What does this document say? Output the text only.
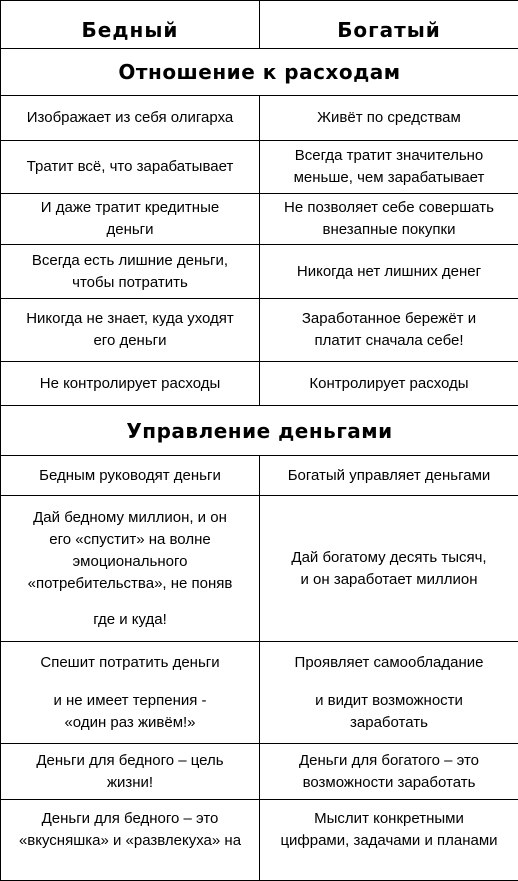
Бедный	Богатый
Отношение к расходам	

Изображает из себя олигарха	Живёт по средствам

Тратит всё, что зарабатывает	Всегда тратит значительно
меньше, чем зарабатывает

И даже тратит кредитные
деньги	Не позволяет себе совершать
внезапные покупки

Всегда есть лишние деньги,
чтобы потратить	Никогда нет лишних денег

Никогда не знает, куда уходят
его деньги	Заработанное бережёт и
платит сначала себе!

Не контролирует расходы	Контролирует расходы

Управление деньгами	

Бедным руководят деньги	Богатый управляет деньгами

Дай бедному миллион, и он
его «спустит» на волне
эмоционального
«потребительства», не поняв
где и куда!	Дай богатому десять тысяч,
и он заработает миллион

Спешит потратить деньги
и не имеет терпения -
«один раз живём!»	Проявляет самообладание
и видит возможности
заработать

Деньги для бедного – цель
жизни!	Деньги для богатого – это
возможности заработать

Деньги для бедного – это
«вкусняшка» и «развлекуха» на	Мыслит конкретными
цифрами, задачами и планами
